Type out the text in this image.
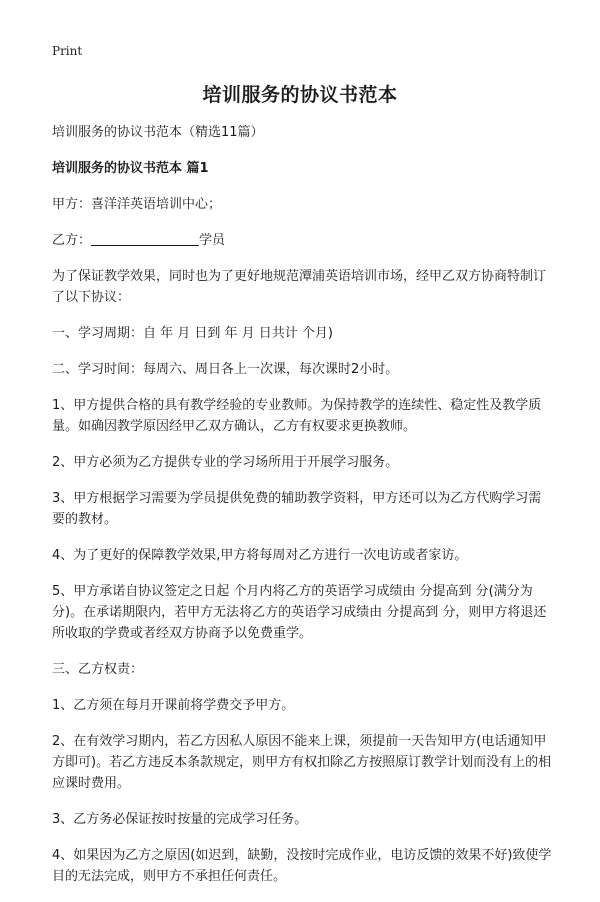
Print
培训服务的协议书范本

培训服务的协议书范本（精选11篇）

培训服务的协议书范本 篇1

甲方：喜洋洋英语培训中心；

乙方：	学员

为了保证教学效果，同时也为了更好地规范潭浦英语培训市场，经甲乙双方协商特制订了以下协议：

一、学习周期：自 年 月 日到 年 月 日共计 个月)

二、学习时间：每周六、周日各上一次课，每次课时2小时。

1、甲方提供合格的具有教学经验的专业教师。为保持教学的连续性、稳定性及教学质量。如确因教学原因经甲乙双方确认，乙方有权要求更换教师。

2、甲方必须为乙方提供专业的学习场所用于开展学习服务。

3、甲方根据学习需要为学员提供免费的辅助教学资料，甲方还可以为乙方代购学习需要的教材。

4、为了更好的保障教学效果,甲方将每周对乙方进行一次电访或者家访。

5、甲方承诺自协议签定之日起 个月内将乙方的英语学习成绩由 分提高到 分(满分为 分)。在承诺期限内，若甲方无法将乙方的英语学习成绩由 分提高到 分，则甲方将退还所收取的学费或者经双方协商予以免费重学。

三、乙方权责：

1、乙方须在每月开课前将学费交予甲方。

2、在有效学习期内，若乙方因私人原因不能来上课，须提前一天告知甲方(电话通知甲方即可)。若乙方违反本条款规定，则甲方有权扣除乙方按照原订教学计划而没有上的相应课时费用。

3、乙方务必保证按时按量的完成学习任务。

4、如果因为乙方之原因(如迟到，缺勤，没按时完成作业，电访反馈的效果不好)致使学目的无法完成，则甲方不承担任何责任。
